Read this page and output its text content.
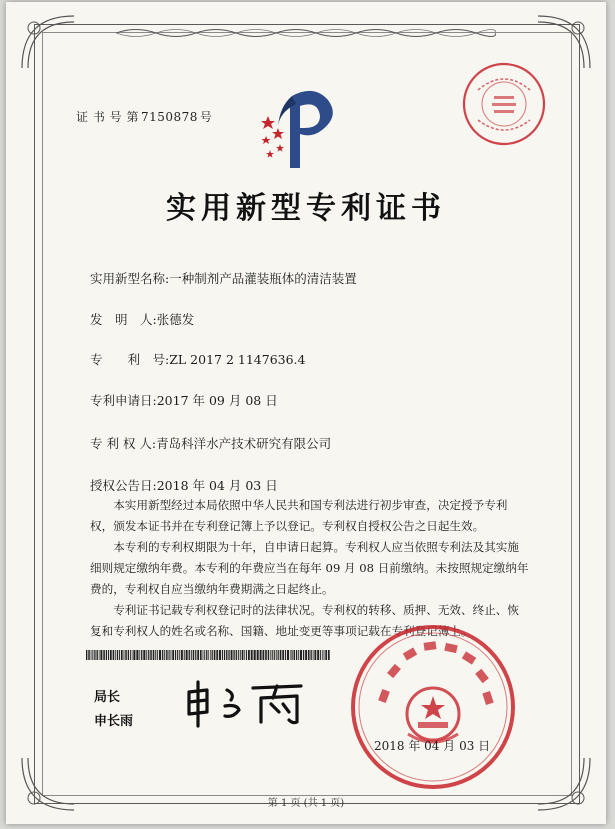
证 书 号 第 7150878 号
实用新型专利证书
实用新型名称:一种制剂产品灌装瓶体的清洁装置
发　明　人:张德发
专　　利　号:ZL 2017 2 1147636.4
专利申请日:2017 年 09 月 08 日
专 利 权 人:青岛科洋水产技术研究有限公司
授权公告日:2018 年 04 月 03 日

本实用新型经过本局依照中华人民共和国专利法进行初步审查，决定授予专利权，颁发本证书并在专利登记簿上予以登记。专利权自授权公告之日起生效。

本专利的专利权期限为十年，自申请日起算。专利权人应当依照专利法及其实施细则规定缴纳年费。本专利的年费应当在每年 09 月 08 日前缴纳。未按照规定缴纳年费的，专利权自应当缴纳年费期满之日起终止。

专利证书记载专利权登记时的法律状况。专利权的转移、质押、无效、终止、恢复和专利权人的姓名或名称、国籍、地址变更等事项记载在专利登记簿上。

局长
申长雨
2018 年 04 月 03 日
第 1 页 (共 1 页)
